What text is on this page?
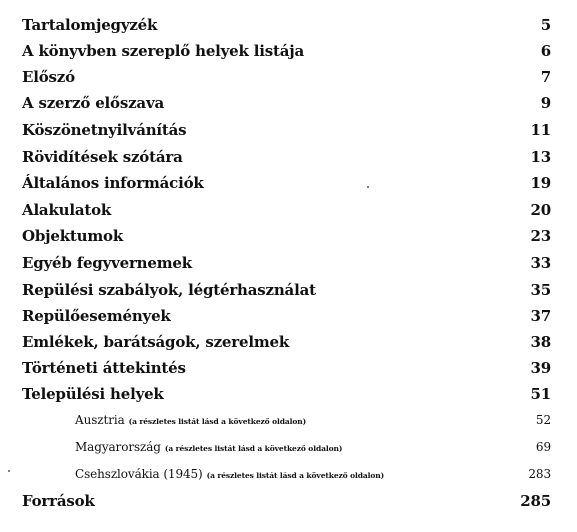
Tartalomjegyzék	5
A könyvben szereplő helyek listája	6
Előszó	7
A szerző előszava	9
Köszönetnyilvánítás	11
Rövidítések szótára	13
Általános információk	19
Alakulatok	20
Objektumok	23
Egyéb fegyvernemek	33
Repülési szabályok, légtérhasználat	35
Repülőesemények	37
Emlékek, barátságok, szerelmek	38
Történeti áttekintés	39
Települési helyek	51
Ausztria (a részletes listát lásd a következő oldalon)	52
Magyarország (a részletes listát lásd a következő oldalon)	69
Csehszlovákia (1945) (a részletes listát lásd a következő oldalon)	283
Források	285
